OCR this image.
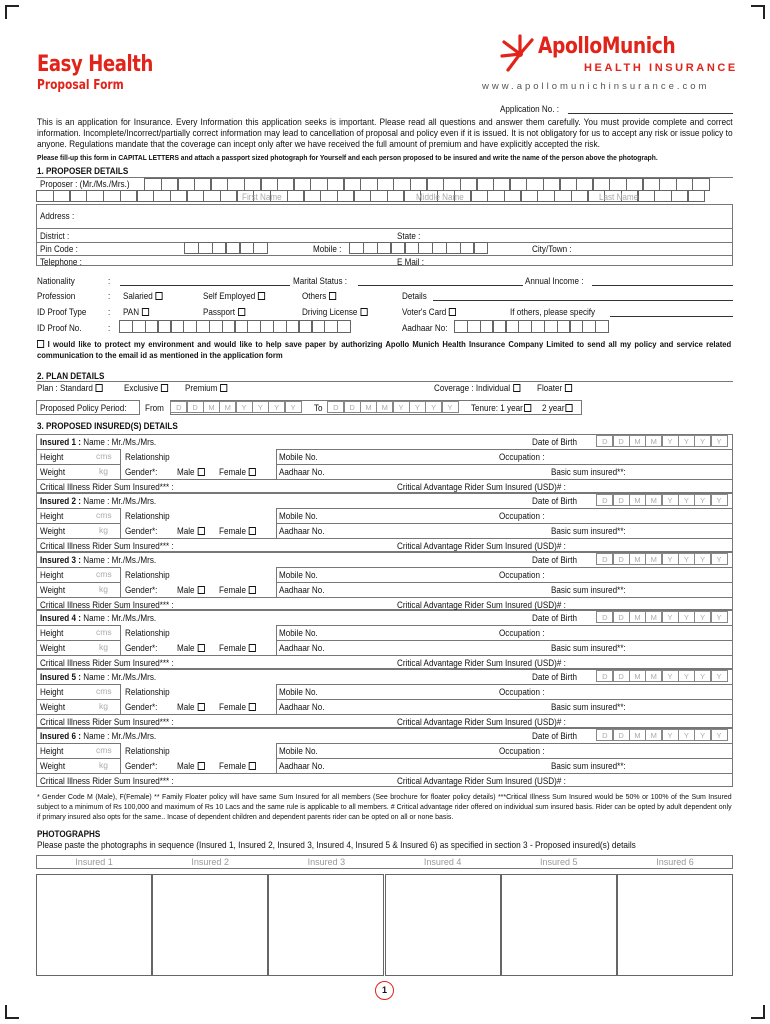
Easy Health
Proposal Form
ApolloMunich
HEALTH INSURANCE
www.apollomunichinsurance.com
Application No. :
This is an application for Insurance. Every Information this application seeks is important. Please read all questions and answer them carefully. You must provide complete and correct information. Incomplete/Incorrect/partially correct information may lead to cancellation of proposal and policy even if it is issued. It is not obligatory for us to accept any risk or issue policy to anyone. Regulations mandate that the coverage can incept only after we have received the full amount of premium and have explicitly accepted the risk.
Please fill-up this form in CAPITAL LETTERS and attach a passport sized photograph for Yourself and each person proposed to be insured and write the name of the person above the photograph.
1. PROPOSER DETAILS
Proposer : (Mr./Ms./Mrs.)
First Name	Middle Name	Last Name
Address :
District :	State :
Pin Code :	Mobile :	City/Town :
Telephone :	E Mail :
Nationality	:	Marital Status :	Annual Income :
Profession	: Salaried	Self Employed	Others	Details
ID Proof Type : PAN	Passport	Driving License	Voter's Card	If others, please specify
ID Proof No.	:	Aadhaar No:
I would like to protect my environment and would like to help save paper by authorizing Apollo Munich Health Insurance Company Limited to send all my policy and service related communication to the email id as mentioned in the application form
2. PLAN DETAILS
Plan : Standard	Exclusive	Premium	Coverage : Individual	Floater
Proposed Policy Period: From	D	D	M	M	Y	Y	Y	Y	To	D	D	M	M	Y	Y	Y	Y	Tenure: 1 year	2 year
3. PROPOSED INSURED(S) DETAILS
Insured 1 : Name : Mr./Ms./Mrs.	Date of Birth	D	D	M	M	Y	Y	Y	Y
Height	cms Relationship	Mobile No.	Occupation :
Weight	kg Gender*: Male	Female	Aadhaar No.	Basic sum insured**:
Critical Illness Rider Sum Insured*** :	Critical Advantage Rider Sum Insured (USD)# :
Insured 2 : Name : Mr./Ms./Mrs.	Date of Birth	D	D	M	M	Y	Y	Y	Y
Height	cms Relationship	Mobile No.	Occupation :
Weight	kg Gender*: Male	Female	Aadhaar No.	Basic sum insured**:
Critical Illness Rider Sum Insured*** :	Critical Advantage Rider Sum Insured (USD)# :
Insured 3 : Name : Mr./Ms./Mrs.	Date of Birth	D	D	M	M	Y	Y	Y	Y
Height	cms Relationship	Mobile No.	Occupation :
Weight	kg Gender*: Male	Female	Aadhaar No.	Basic sum insured**:
Critical Illness Rider Sum Insured*** :	Critical Advantage Rider Sum Insured (USD)# :
Insured 4 : Name : Mr./Ms./Mrs.	Date of Birth	D	D	M	M	Y	Y	Y	Y
Height	cms Relationship	Mobile No.	Occupation :
Weight	kg Gender*: Male	Female	Aadhaar No.	Basic sum insured**:
Critical Illness Rider Sum Insured*** :	Critical Advantage Rider Sum Insured (USD)# :
Insured 5 : Name : Mr./Ms./Mrs.	Date of Birth	D	D	M	M	Y	Y	Y	Y
Height	cms Relationship	Mobile No.	Occupation :
Weight	kg Gender*: Male	Female	Aadhaar No.	Basic sum insured**:
Critical Illness Rider Sum Insured*** :	Critical Advantage Rider Sum Insured (USD)# :
Insured 6 : Name : Mr./Ms./Mrs.	Date of Birth	D	D	M	M	Y	Y	Y	Y
Height	cms Relationship	Mobile No.	Occupation :
Weight	kg Gender*: Male	Female	Aadhaar No.	Basic sum insured**:
Critical Illness Rider Sum Insured*** :	Critical Advantage Rider Sum Insured (USD)# :
* Gender Code M (Male), F(Female) ** Family Floater policy will have same Sum Insured for all members (See brochure for floater policy details) ***Critical Illness Sum Insured would be 50% or 100% of the Sum Insured subject to a minimum of Rs 100,000 and maximum of Rs 10 Lacs and the same rule is applicable to all members. # Critical advantage rider offered on individual sum insured basis. Rider can be opted by adult dependent only if primary insured also opts for the same.. Incase of dependent children and dependent parents rider can be opted on all or none basis.
PHOTOGRAPHS
Please paste the photographs in sequence (Insured 1, Insured 2, Insured 3, Insured 4, Insured 5 & Insured 6) as specified in section 3 - Proposed insured(s) details
Insured 1	Insured 2	Insured 3	Insured 4	Insured 5	Insured 6
1
